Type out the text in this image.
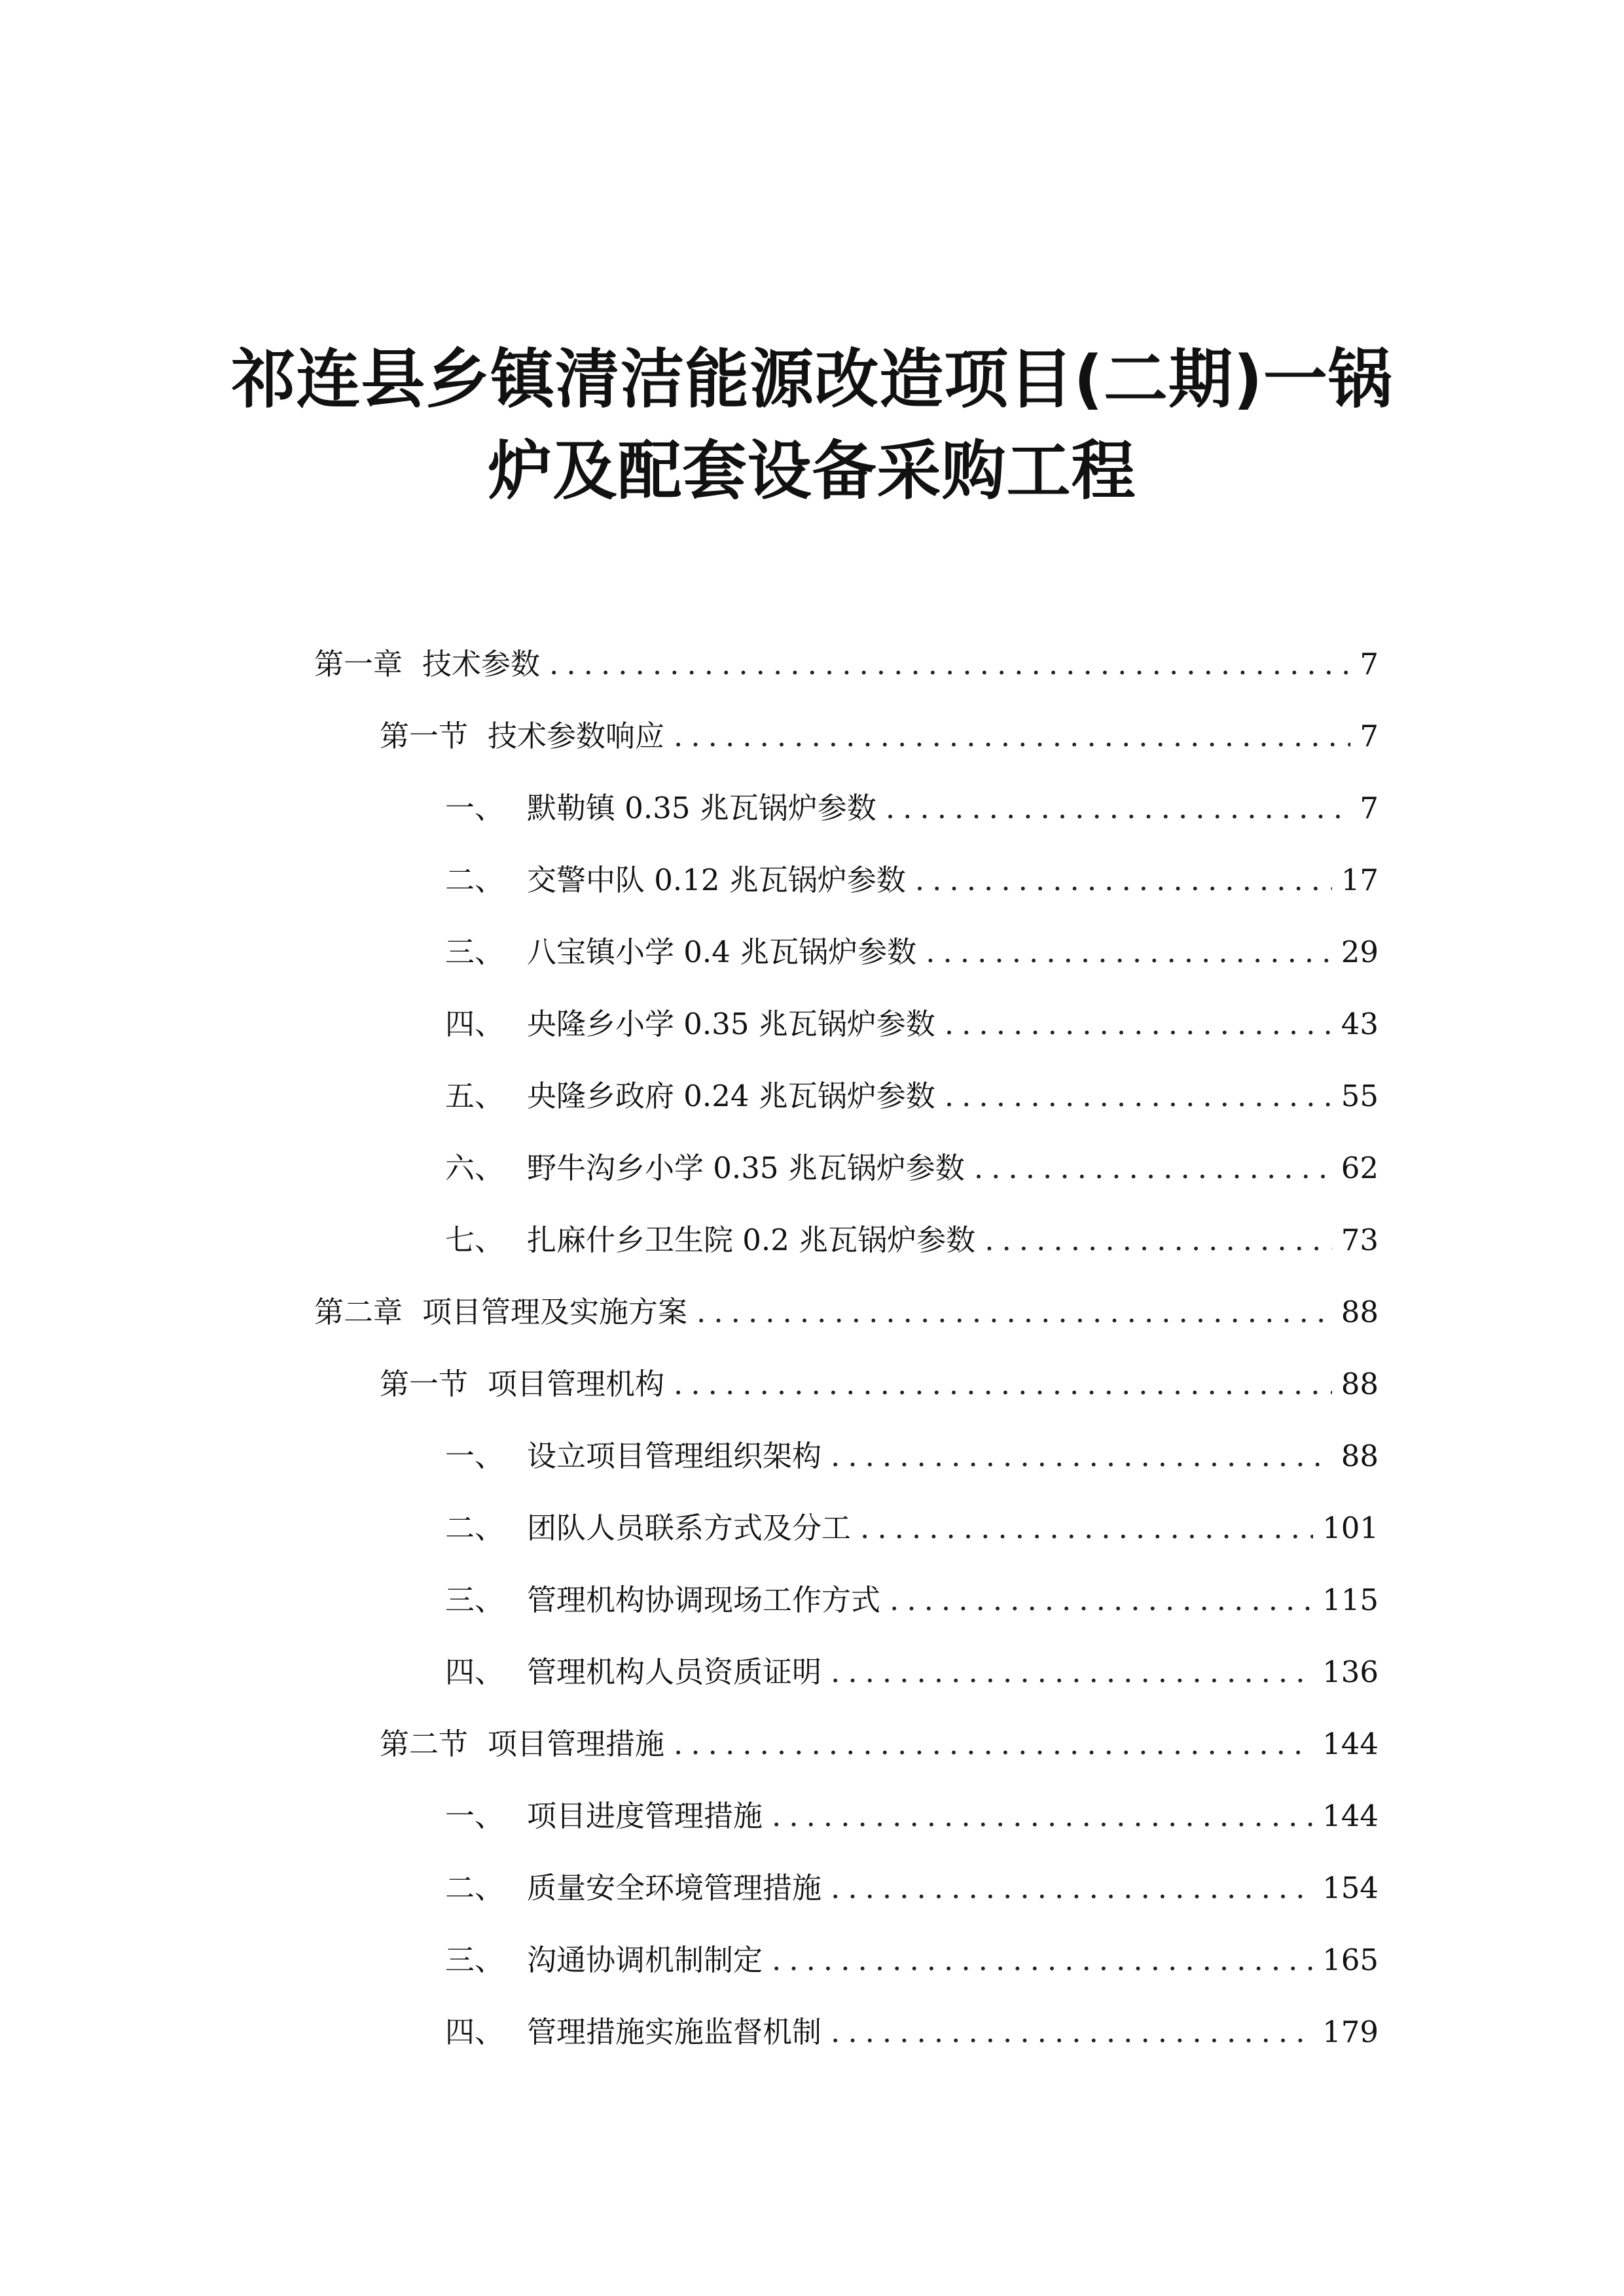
祁连县乡镇清洁能源改造项目(二期)一锅
炉及配套设备采购工程
第一章 技术参数 .....	7
第一节 技术参数响应 .....	7
一、 默勒镇 0.35 兆瓦锅炉参数 .....	7
二、 交警中队 0.12 兆瓦锅炉参数 .....	17
三、 八宝镇小学 0.4 兆瓦锅炉参数 .....	29
四、 央隆乡小学 0.35 兆瓦锅炉参数 .....	43
五、 央隆乡政府 0.24 兆瓦锅炉参数 .....	55
六、 野牛沟乡小学 0.35 兆瓦锅炉参数 .....	62
七、 扎麻什乡卫生院 0.2 兆瓦锅炉参数 .....	73
第二章 项目管理及实施方案 .....	88
第一节 项目管理机构 .....	88
一、 设立项目管理组织架构 .....	88
二、 团队人员联系方式及分工 .....	101
三、 管理机构协调现场工作方式 .....	115
四、 管理机构人员资质证明 .....	136
第二节 项目管理措施 .....	144
一、 项目进度管理措施 .....	144
二、 质量安全环境管理措施 .....	154
三、 沟通协调机制制定 .....	165
四、 管理措施实施监督机制 .....	179
